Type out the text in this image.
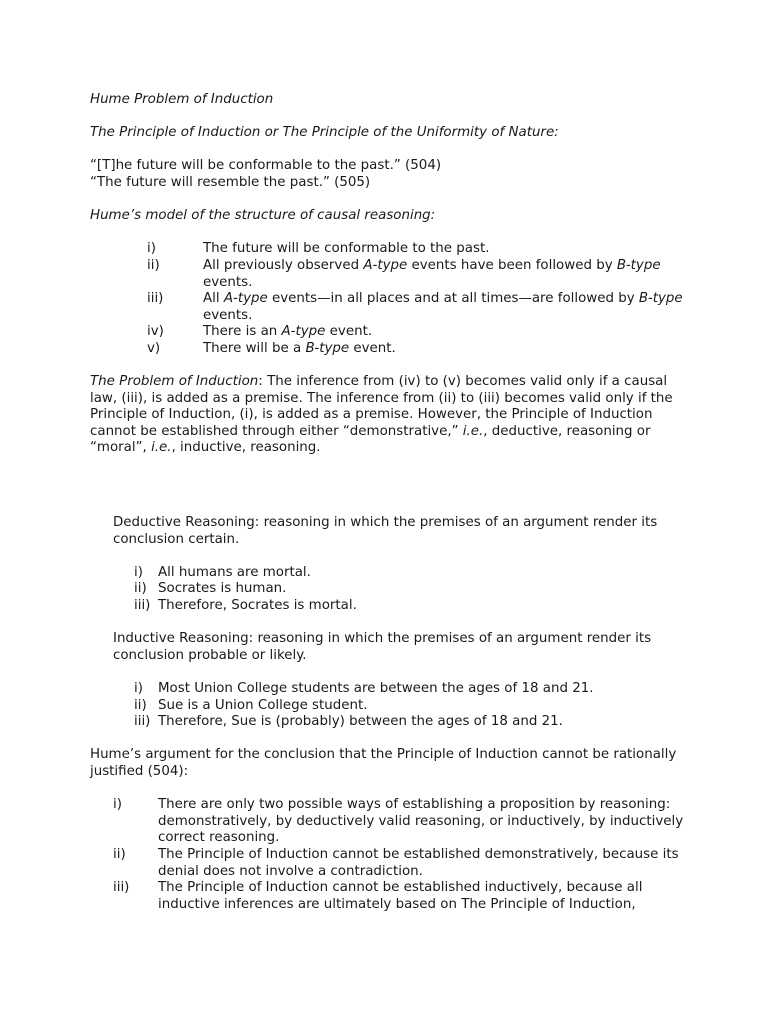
Hume Problem of Induction

The Principle of Induction or The Principle of the Uniformity of Nature:

“[T]he future will be conformable to the past.” (504)

“The future will resemble the past.” (505)

Hume’s model of the structure of causal reasoning:

i)	The future will be conformable to the past.
ii)	All previously observed A-type events have been followed by B-type events.
iii)	All A-type events—in all places and at all times—are followed by B-type events.
iv)	There is an A-type event.
v)	There will be a B-type event.

The Problem of Induction: The inference from (iv) to (v) becomes valid only if a causal law, (iii), is added as a premise. The inference from (ii) to (iii) becomes valid only if the Principle of Induction, (i), is added as a premise. However, the Principle of Induction cannot be established through either “demonstrative,” i.e., deductive, reasoning or “moral”, i.e., inductive, reasoning.

Deductive Reasoning: reasoning in which the premises of an argument render its conclusion certain.

i)	All humans are mortal.
ii) Socrates is human.
iii) Therefore, Socrates is mortal.

Inductive Reasoning: reasoning in which the premises of an argument render its conclusion probable or likely.

i)	Most Union College students are between the ages of 18 and 21.
ii) Sue is a Union College student.
iii) Therefore, Sue is (probably) between the ages of 18 and 21.

Hume’s argument for the conclusion that the Principle of Induction cannot be rationally justified (504):

i)	There are only two possible ways of establishing a proposition by reasoning: demonstratively, by deductively valid reasoning, or inductively, by inductively correct reasoning.
ii)	The Principle of Induction cannot be established demonstratively, because its denial does not involve a contradiction.
iii)	The Principle of Induction cannot be established inductively, because all inductive inferences are ultimately based on The Principle of Induction,
